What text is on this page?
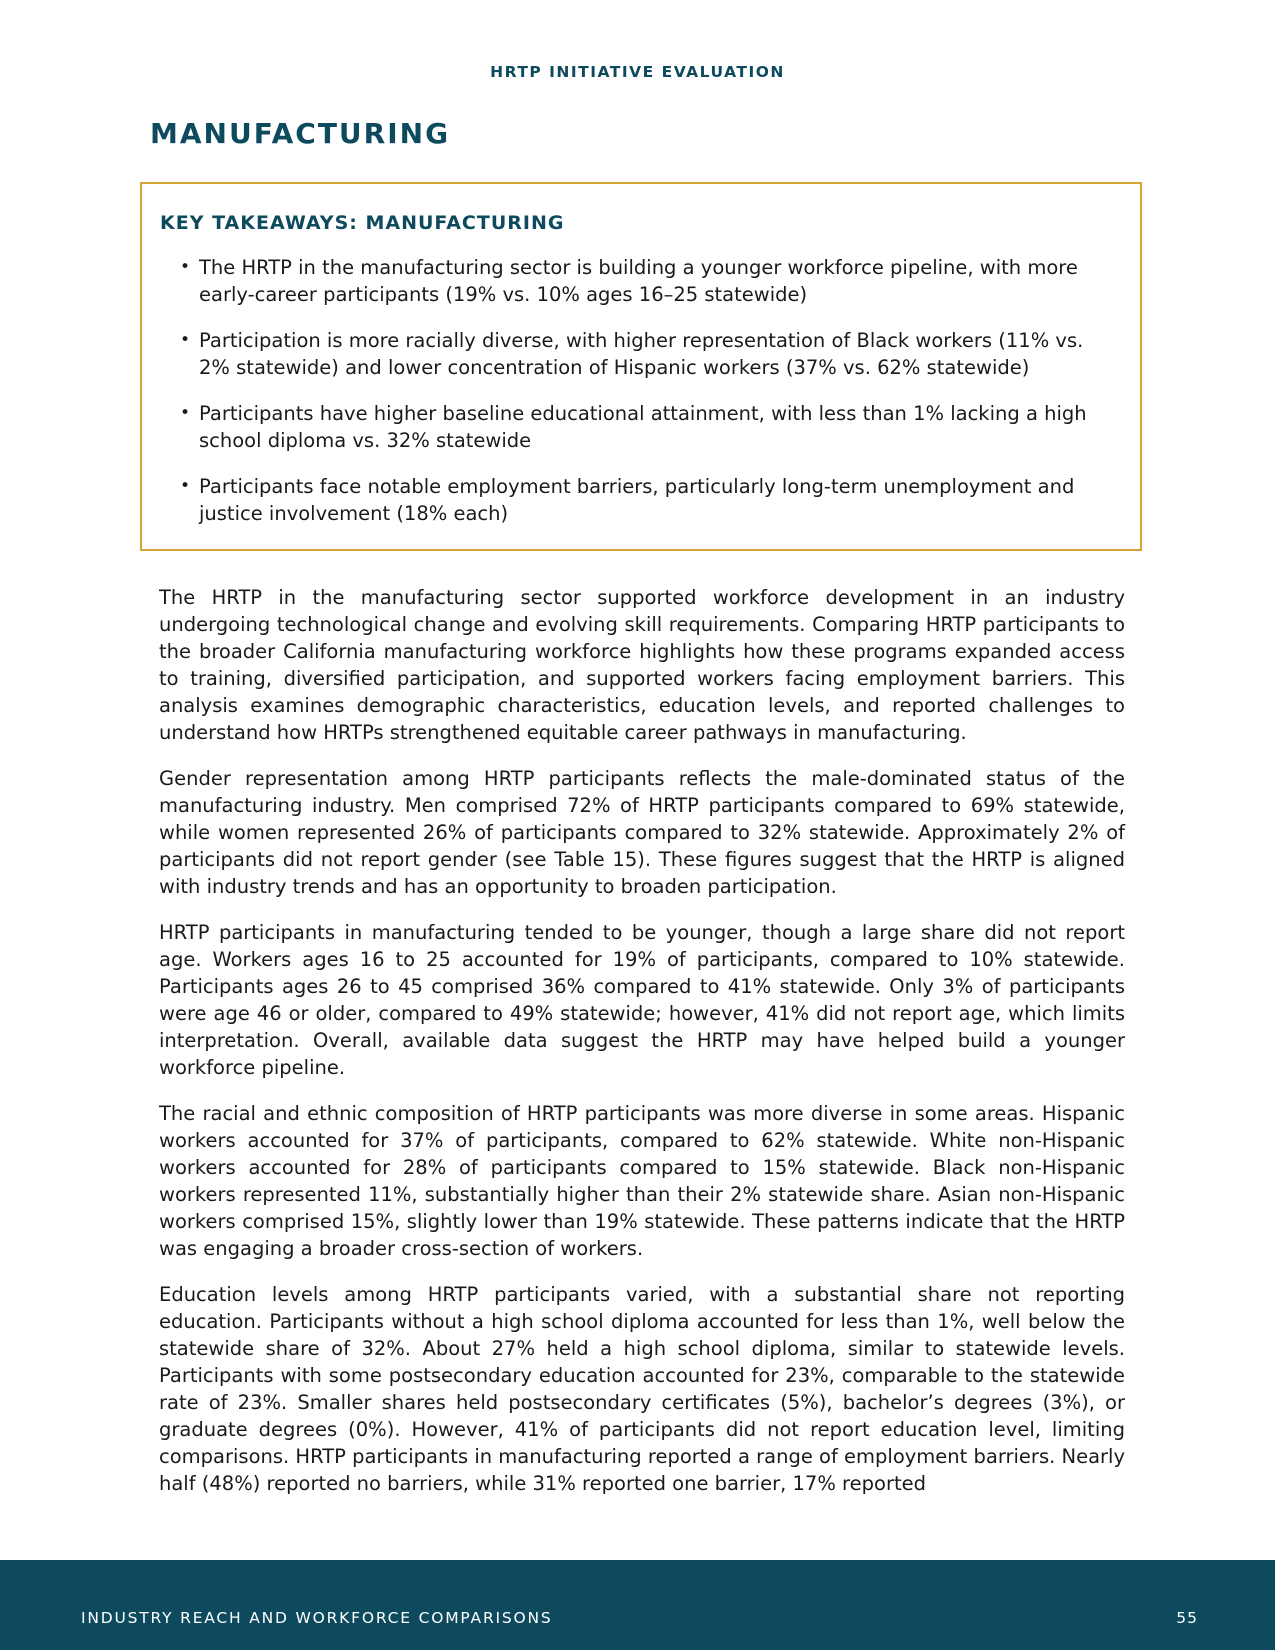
HRTP INITIATIVE EVALUATION
MANUFACTURING
KEY TAKEAWAYS: MANUFACTURING
• The HRTP in the manufacturing sector is building a younger workforce pipeline, with more early-career participants (19% vs. 10% ages 16–25 statewide)
• Participation is more racially diverse, with higher representation of Black workers (11% vs. 2% statewide) and lower concentration of Hispanic workers (37% vs. 62% statewide)
• Participants have higher baseline educational attainment, with less than 1% lacking a high school diploma vs. 32% statewide
• Participants face notable employment barriers, particularly long-term unemployment and justice involvement (18% each)

The HRTP in the manufacturing sector supported workforce development in an industry undergoing technological change and evolving skill requirements. Comparing HRTP participants to the broader California manufacturing workforce highlights how these programs expanded access to training, diversified participation, and supported workers facing employment barriers. This analysis examines demographic characteristics, education levels, and reported challenges to understand how HRTPs strengthened equitable career pathways in manufacturing.

Gender representation among HRTP participants reflects the male-dominated status of the manufacturing industry. Men comprised 72% of HRTP participants compared to 69% statewide, while women represented 26% of participants compared to 32% statewide. Approximately 2% of participants did not report gender (see Table 15). These figures suggest that the HRTP is aligned with industry trends and has an opportunity to broaden participation.

HRTP participants in manufacturing tended to be younger, though a large share did not report age. Workers ages 16 to 25 accounted for 19% of participants, compared to 10% statewide. Participants ages 26 to 45 comprised 36% compared to 41% statewide. Only 3% of participants were age 46 or older, compared to 49% statewide; however, 41% did not report age, which limits interpretation. Overall, available data suggest the HRTP may have helped build a younger workforce pipeline.

The racial and ethnic composition of HRTP participants was more diverse in some areas. Hispanic workers accounted for 37% of participants, compared to 62% statewide. White non-Hispanic workers accounted for 28% of participants compared to 15% statewide. Black non-Hispanic workers represented 11%, substantially higher than their 2% statewide share. Asian non-Hispanic workers comprised 15%, slightly lower than 19% statewide. These patterns indicate that the HRTP was engaging a broader cross-section of workers.

Education levels among HRTP participants varied, with a substantial share not reporting education. Participants without a high school diploma accounted for less than 1%, well below the statewide share of 32%. About 27% held a high school diploma, similar to statewide levels. Participants with some postsecondary education accounted for 23%, comparable to the statewide rate of 23%. Smaller shares held postsecondary certificates (5%), bachelor’s degrees (3%), or graduate degrees (0%). However, 41% of participants did not report education level, limiting comparisons. HRTP participants in manufacturing reported a range of employment barriers. Nearly half (48%) reported no barriers, while 31% reported one barrier, 17% reported

INDUSTRY REACH AND WORKFORCE COMPARISONS	55
